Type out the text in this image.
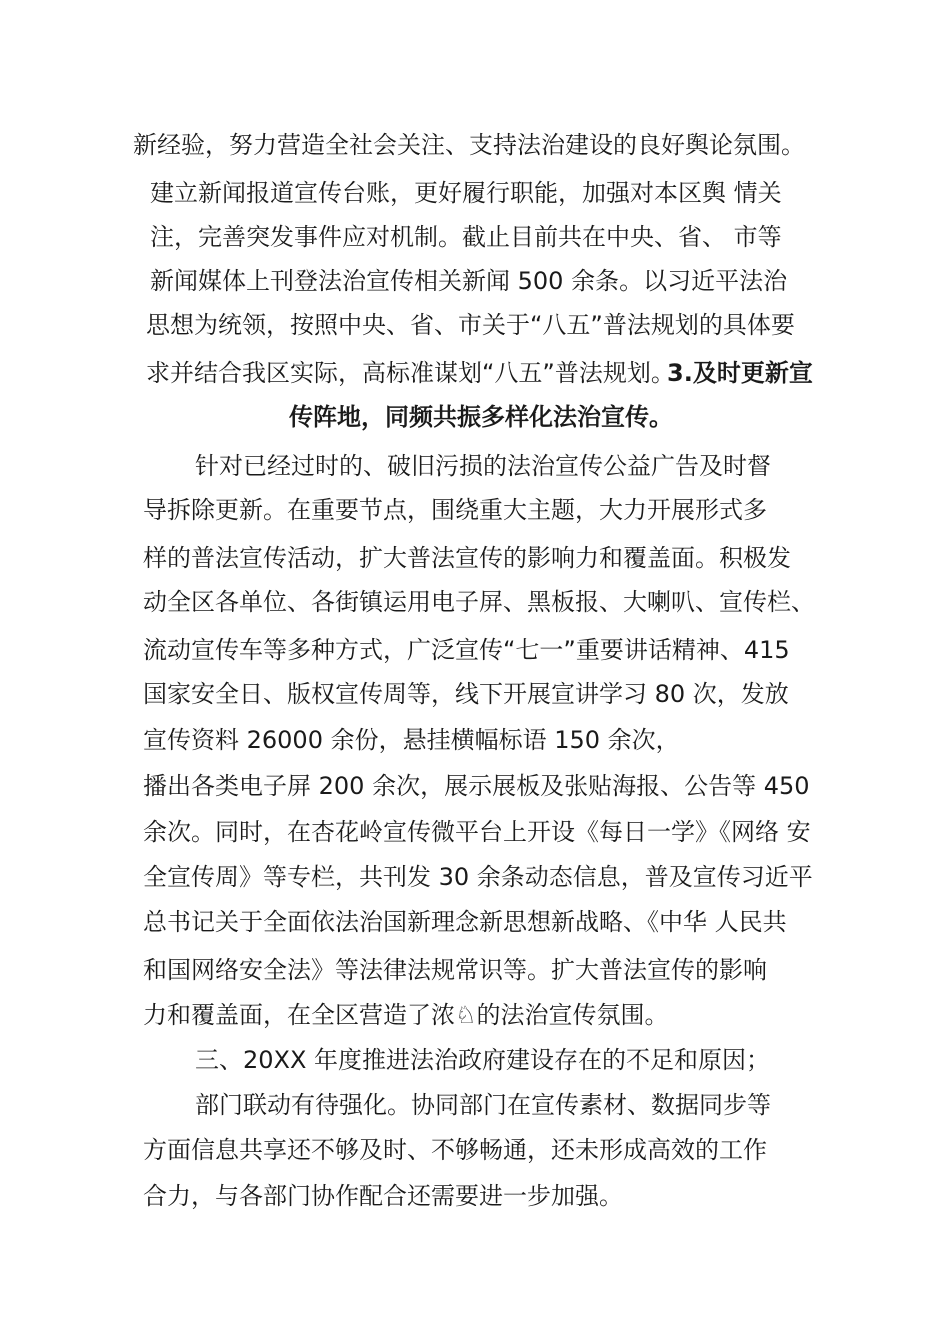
新经验，努力营造全社会关注、支持法治建设的良好舆论氛围。
建立新闻报道宣传台账，更好履行职能，加强对本区舆 情关
注，完善突发事件应对机制。截止目前共在中央、省、 市等
新闻媒体上刊登法治宣传相关新闻 500 余条。以习近平法治
思想为统领，按照中央、省、市关于“八五”普法规划的具体要
求并结合我区实际，高标准谋划“八五”普法规划。
3.及时更新宣
传阵地，同频共振多样化法治宣传。
针对已经过时的、破旧污损的法治宣传公益广告及时督
导拆除更新。在重要节点，围绕重大主题，大力开展形式多
样的普法宣传活动，扩大普法宣传的影响力和覆盖面。积极发
动全区各单位、各街镇运用电子屏、黑板报、大喇叭、宣传栏、
流动宣传车等多种方式，广泛宣传“七一”重要讲话精神、415
国家安全日、版权宣传周等，线下开展宣讲学习 80 次，发放
宣传资料 26000 余份，悬挂横幅标语 150 余次，
播出各类电子屏 200 余次，展示展板及张贴海报、公告等 450
余次。同时，在杏花岭宣传微平台上开设《每日一学》《网络 安
全宣传周》等专栏，共刊发 30 余条动态信息，普及宣传习近平
总书记关于全面依法治国新理念新思想新战略、《中华 人民共
和国网络安全法》等法律法规常识等。扩大普法宣传的影响
力和覆盖面，在全区营造了浓♘的法治宣传氛围。
三、20XX 年度推进法治政府建设存在的不足和原因；
部门联动有待强化。协同部门在宣传素材、数据同步等
方面信息共享还不够及时、不够畅通，还未形成高效的工作
合力，与各部门协作配合还需要进一步加强。
